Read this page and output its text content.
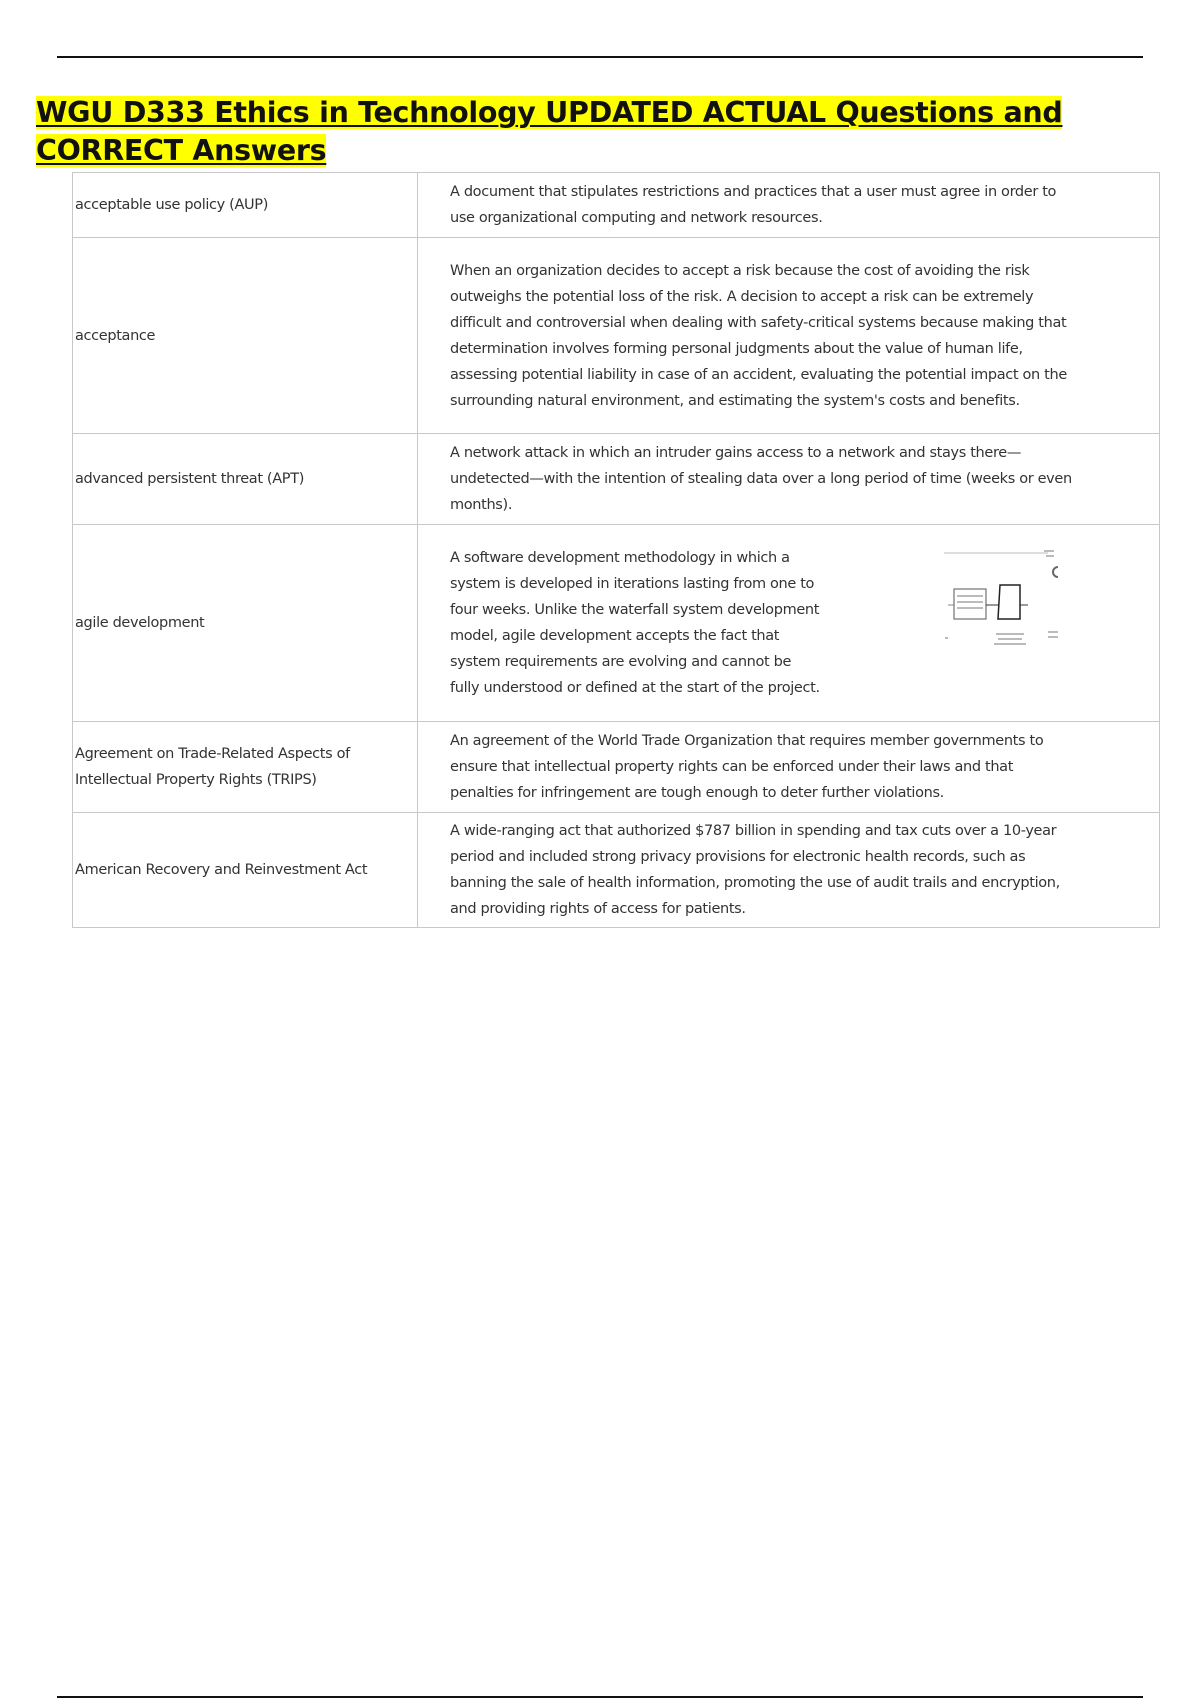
WGU D333 Ethics in Technology UPDATED ACTUAL Questions and CORRECT Answers
acceptable use policy (AUP)	A document that stipulates restrictions and practices that a user must agree in order to use organizational computing and network resources.
acceptance	When an organization decides to accept a risk because the cost of avoiding the risk outweighs the potential loss of the risk. A decision to accept a risk can be extremely difficult and controversial when dealing with safety-critical systems because making that determination involves forming personal judgments about the value of human life, assessing potential liability in case of an accident, evaluating the potential impact on the surrounding natural environment, and estimating the system's costs and benefits.
advanced persistent threat (APT)	A network attack in which an intruder gains access to a network and stays there—undetected—with the intention of stealing data over a long period of time (weeks or even months).
agile development	A software development methodology in which a system is developed in iterations lasting from one to four weeks. Unlike the waterfall system development model, agile development accepts the fact that system requirements are evolving and cannot be fully understood or defined at the start of the project.

Agreement on Trade-Related Aspects of Intellectual Property Rights (TRIPS)	An agreement of the World Trade Organization that requires member governments to ensure that intellectual property rights can be enforced under their laws and that penalties for infringement are tough enough to deter further violations.
American Recovery and Reinvestment Act	A wide-ranging act that authorized $787 billion in spending and tax cuts over a 10-year period and included strong privacy provisions for electronic health records, such as banning the sale of health information, promoting the use of audit trails and encryption, and providing rights of access for patients.
